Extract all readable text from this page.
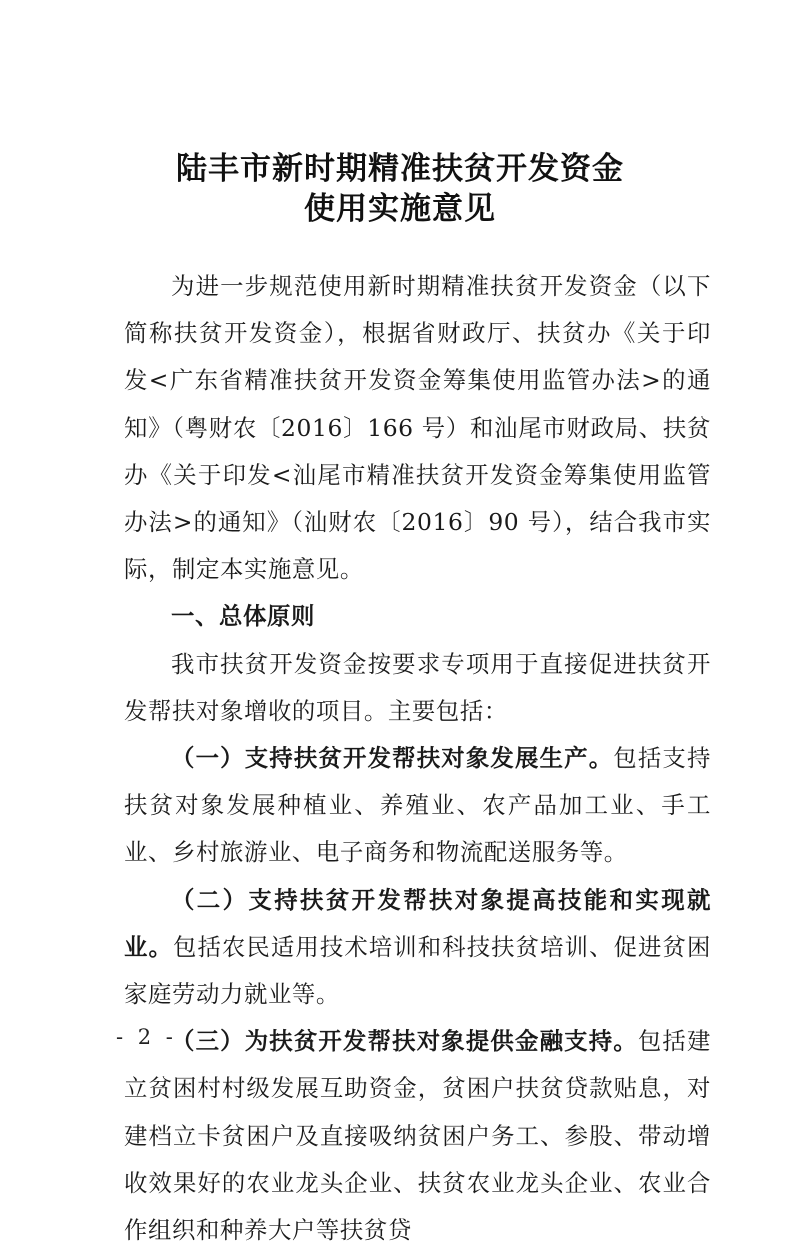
陆丰市新时期精准扶贫开发资金
使用实施意见

为进一步规范使用新时期精准扶贫开发资金（以下简称扶贫开发资金），根据省财政厅、扶贫办《关于印发<广东省精准扶贫开发资金筹集使用监管办法>的通知》（粤财农〔2016〕166 号）和汕尾市财政局、扶贫办《关于印发<汕尾市精准扶贫开发资金筹集使用监管办法>的通知》（汕财农〔2016〕90 号），结合我市实际，制定本实施意见。

一、总体原则

我市扶贫开发资金按要求专项用于直接促进扶贫开发帮扶对象增收的项目。主要包括：

（一）支持扶贫开发帮扶对象发展生产。包括支持扶贫对象发展种植业、养殖业、农产品加工业、手工业、乡村旅游业、电子商务和物流配送服务等。

（二）支持扶贫开发帮扶对象提高技能和实现就业。包括农民适用技术培训和科技扶贫培训、促进贫困家庭劳动力就业等。

（三）为扶贫开发帮扶对象提供金融支持。包括建立贫困村村级发展互助资金，贫困户扶贫贷款贴息，对建档立卡贫困户及直接吸纳贫困户务工、参股、带动增收效果好的农业龙头企业、扶贫农业龙头企业、农业合作组织和种养大户等扶贫贷

- 2 -
